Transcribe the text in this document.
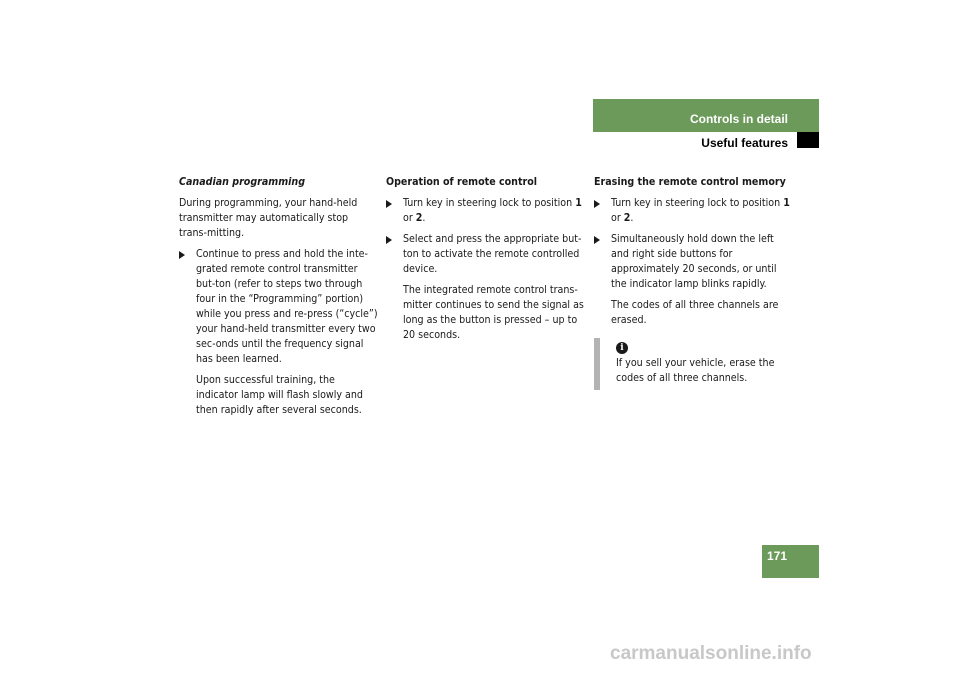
Controls in detail
Useful features
Canadian programming

During programming, your hand-held transmitter may automatically stop trans-mitting.

Continue to press and hold the inte-grated remote control transmitter but-ton (refer to steps two through four in the “Programming” portion) while you press and re-press (“cycle”) your hand-held transmitter every two sec-onds until the frequency signal has been learned.
Upon successful training, the indicator lamp will flash slowly and then rapidly after several seconds.
Operation of remote control
Turn key in steering lock to position 1 or 2.
Select and press the appropriate but-ton to activate the remote controlled device.
The integrated remote control trans-mitter continues to send the signal as long as the button is pressed – up to 20 seconds.
Erasing the remote control memory
Turn key in steering lock to position 1 or 2.
Simultaneously hold down the left and right side buttons for approximately 20 seconds, or until the indicator lamp blinks rapidly.
The codes of all three channels are erased.
i
If you sell your vehicle, erase the codes of all three channels.
171
carmanualsonline.info
